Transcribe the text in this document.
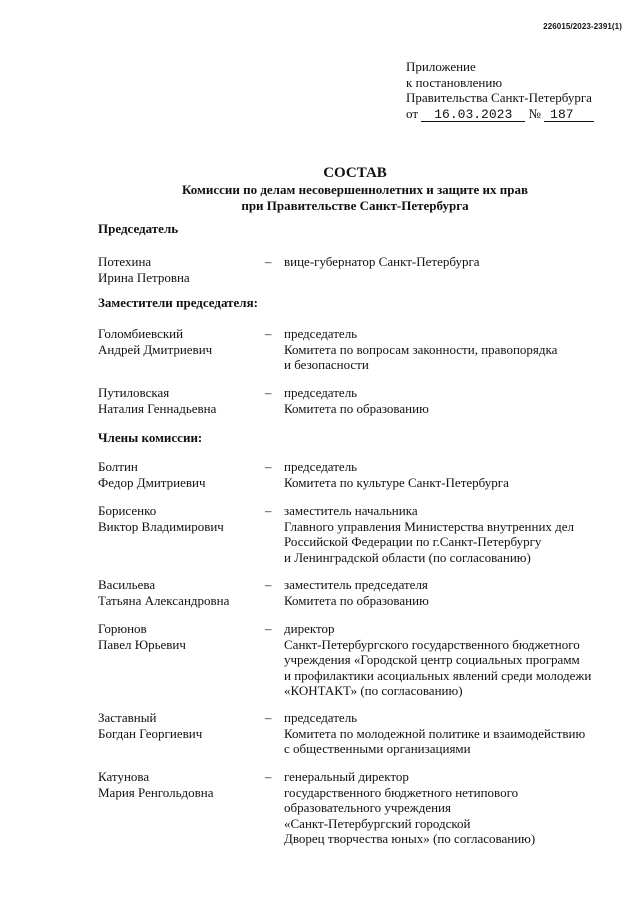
226015/2023-2391(1)
Приложение
к постановлению
Правительства Санкт-Петербурга
от 16.03.2023 № 187
СОСТАВ
Комиссии по делам несовершеннолетних и защите их прав
при Правительстве Санкт-Петербурга
Председатель
Потехина
Ирина Петровна
– вице-губернатор Санкт-Петербурга
Заместители председателя:
Голомбиевский
Андрей Дмитриевич
– председатель
Комитета по вопросам законности, правопорядка
и безопасности
Путиловская
Наталия Геннадьевна
– председатель
Комитета по образованию
Члены комиссии:
Болтин
Федор Дмитриевич
– председатель
Комитета по культуре Санкт-Петербурга
Борисенко
Виктор Владимирович
– заместитель начальника
Главного управления Министерства внутренних дел
Российской Федерации по г.Санкт-Петербургу
и Ленинградской области (по согласованию)
Васильева
Татьяна Александровна
– заместитель председателя
Комитета по образованию
Горюнов
Павел Юрьевич
– директор
Санкт-Петербургского государственного бюджетного
учреждения «Городской центр социальных программ
и профилактики асоциальных явлений среди молодежи
«КОНТАКТ» (по согласованию)
Заставный
Богдан Георгиевич
– председатель
Комитета по молодежной политике и взаимодействию
с общественными организациями
Катунова
Мария Ренгольдовна
– генеральный директор
государственного бюджетного нетипового
образовательного учреждения
«Санкт-Петербургский городской
Дворец творчества юных» (по согласованию)
